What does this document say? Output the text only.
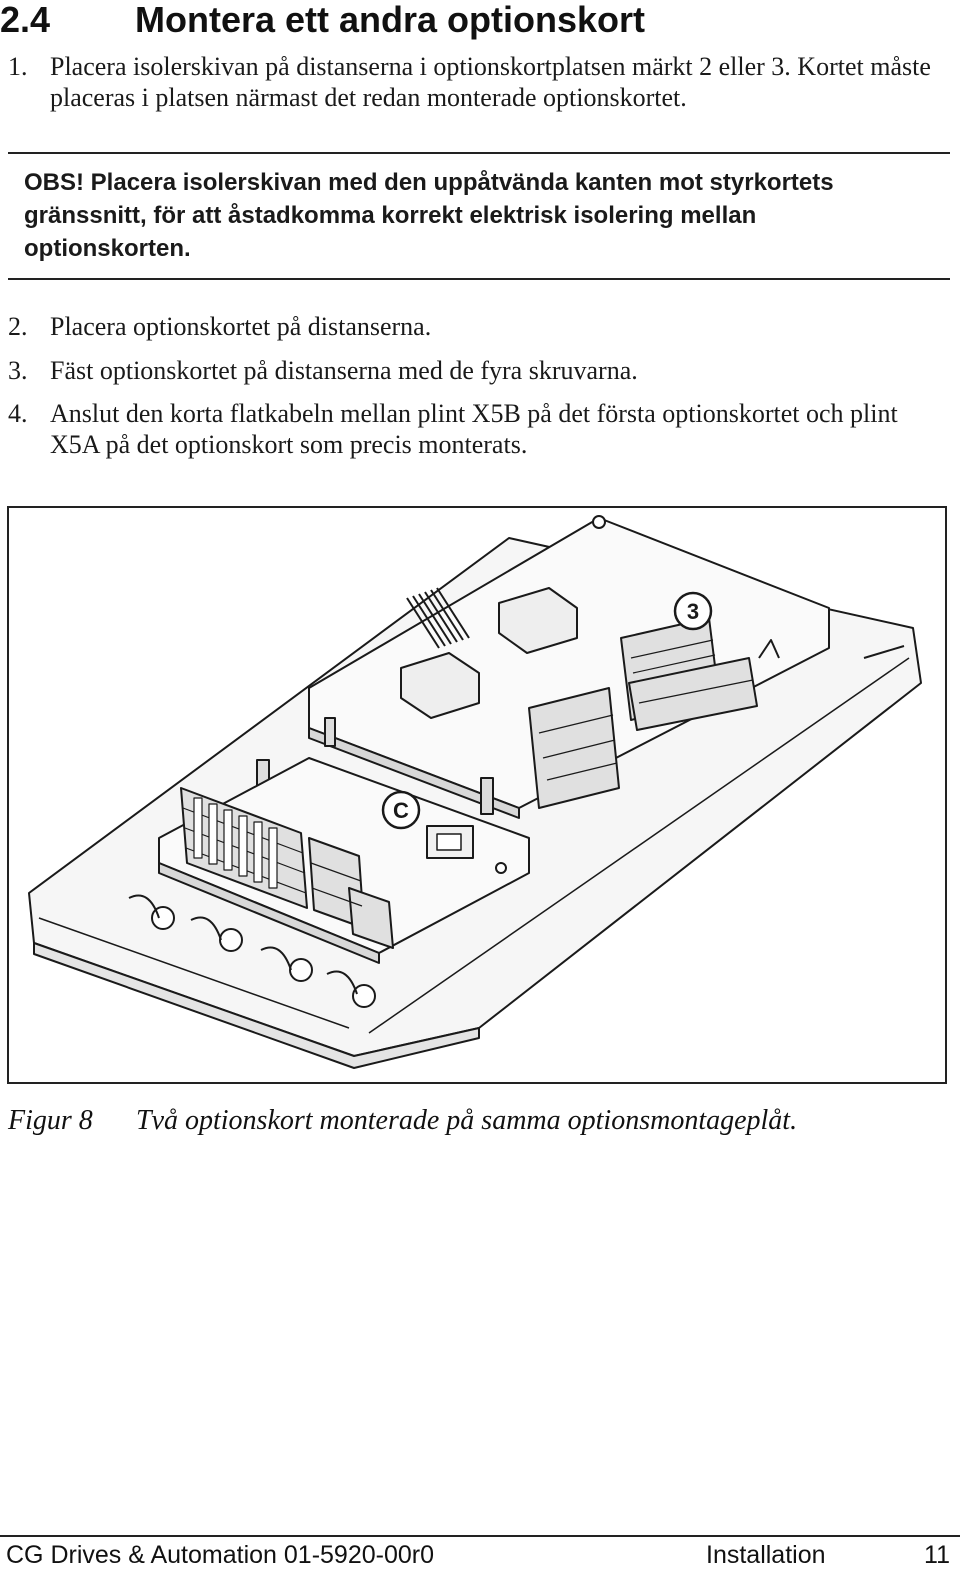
2.4 Montera ett andra optionskort
1. Placera isolerskivan på distanserna i optionskortplatsen märkt 2 eller 3. Kortet måste placeras i platsen närmast det redan monterade optionskortet.
OBS! Placera isolerskivan med den uppåtvända kanten mot styrkortets gränssnitt, för att åstadkomma korrekt elektrisk isolering mellan optionskorten.
2. Placera optionskortet på distanserna.
3. Fäst optionskortet på distanserna med de fyra skruvarna.
4. Anslut den korta flatkabeln mellan plint X5B på det första optionskortet och plint X5A på det optionskort som precis monterats.
3
C
Figur 8 Två optionskort monterade på samma optionsmontageplåt.
CG Drives & Automation 01-5920-00r0	Installation	11
